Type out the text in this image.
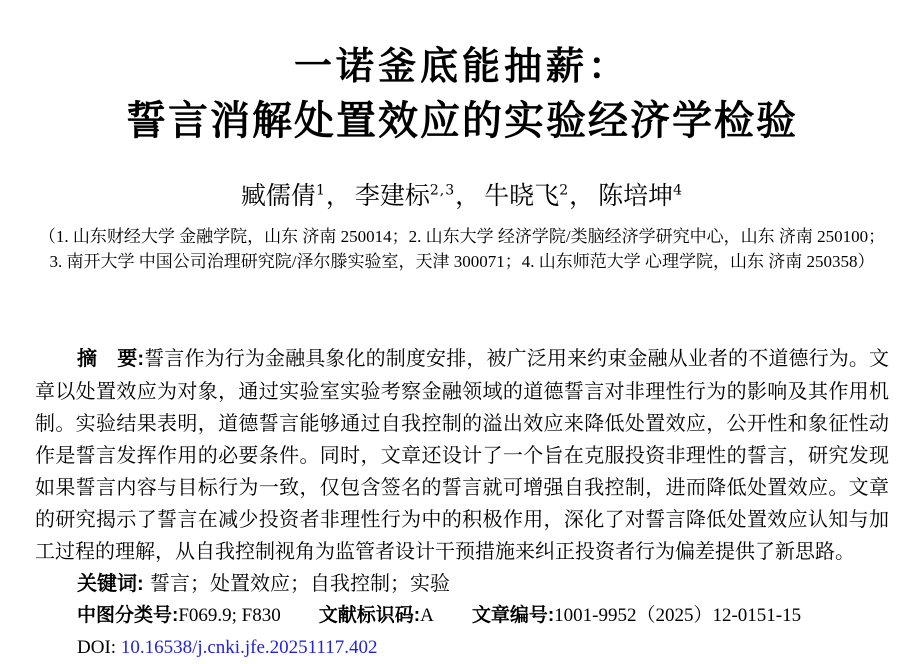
一诺釜底能抽薪：
誓言消解处置效应的实验经济学检验
臧儒倩$^1$， 李建标$^{2,3}$， 牛晓飞$^2$， 陈培坤$^4$
（1. 山东财经大学 金融学院，山东 济南 250014；2. 山东大学 经济学院/类脑经济学研究中心，山东 济南 250100；
3. 南开大学 中国公司治理研究院/泽尔滕实验室，天津 300071；4. 山东师范大学 心理学院，山东 济南 250358）

摘　要:誓言作为行为金融具象化的制度安排，被广泛用来约束金融从业者的不道德行为。文章以处置效应为对象，通过实验室实验考察金融领域的道德誓言对非理性行为的影响及其作用机制。实验结果表明，道德誓言能够通过自我控制的溢出效应来降低处置效应，公开性和象征性动作是誓言发挥作用的必要条件。同时，文章还设计了一个旨在克服投资非理性的誓言，研究发现如果誓言内容与目标行为一致，仅包含签名的誓言就可增强自我控制，进而降低处置效应。文章的研究揭示了誓言在减少投资者非理性行为中的积极作用，深化了对誓言降低处置效应认知与加工过程的理解，从自我控制视角为监管者设计干预措施来纠正投资者行为偏差提供了新思路。

关键词: 誓言；处置效应；自我控制；实验
中图分类号:F069.9; F830 文献标识码:A 文章编号:1001-9952（2025）12-0151-15
DOI: 10.16538/j.cnki.jfe.20251117.402
